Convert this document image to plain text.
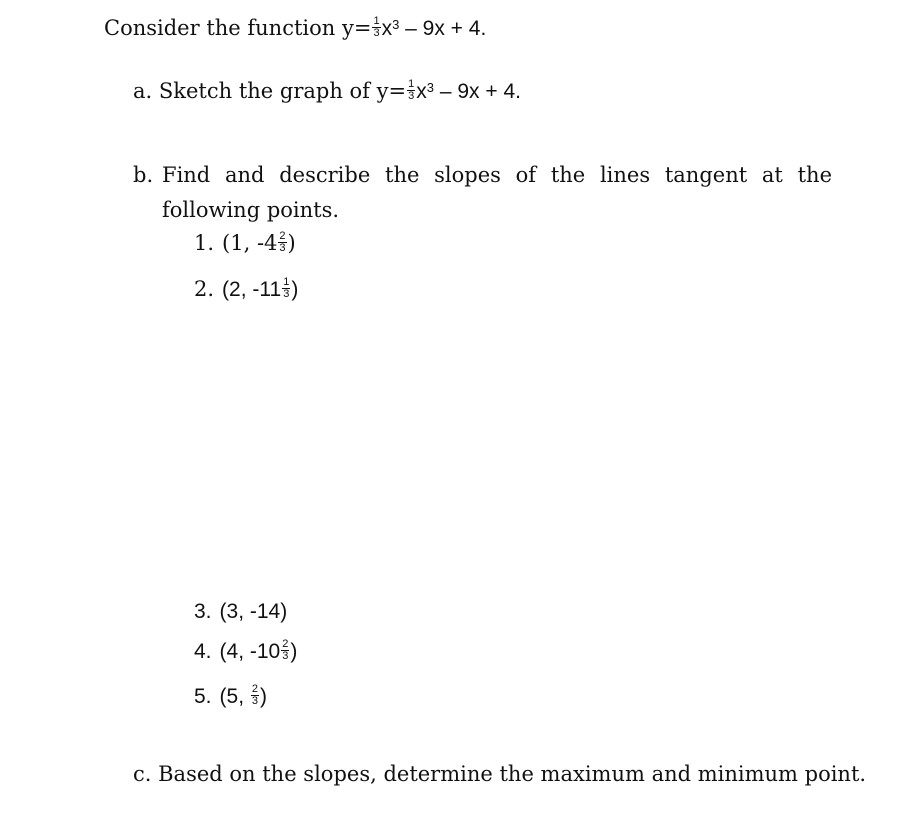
Consider the function $y= \frac{1}{3} x^3 - 9x + 4$.
a. Sketch the graph of $y= \frac{1}{3} x^3 - 9x + 4$.
b. Find and describe the slopes of the lines tangent at the following points.
1. (1, $-4 \frac{2}{3}$ )
2. (2, $-11 \frac{1}{3}$ )
3. (3, -14)
4. (4, $-10 \frac{2}{3}$ )
5. (5, $\frac{2}{3}$ )
c. Based on the slopes, determine the maximum and minimum point.
